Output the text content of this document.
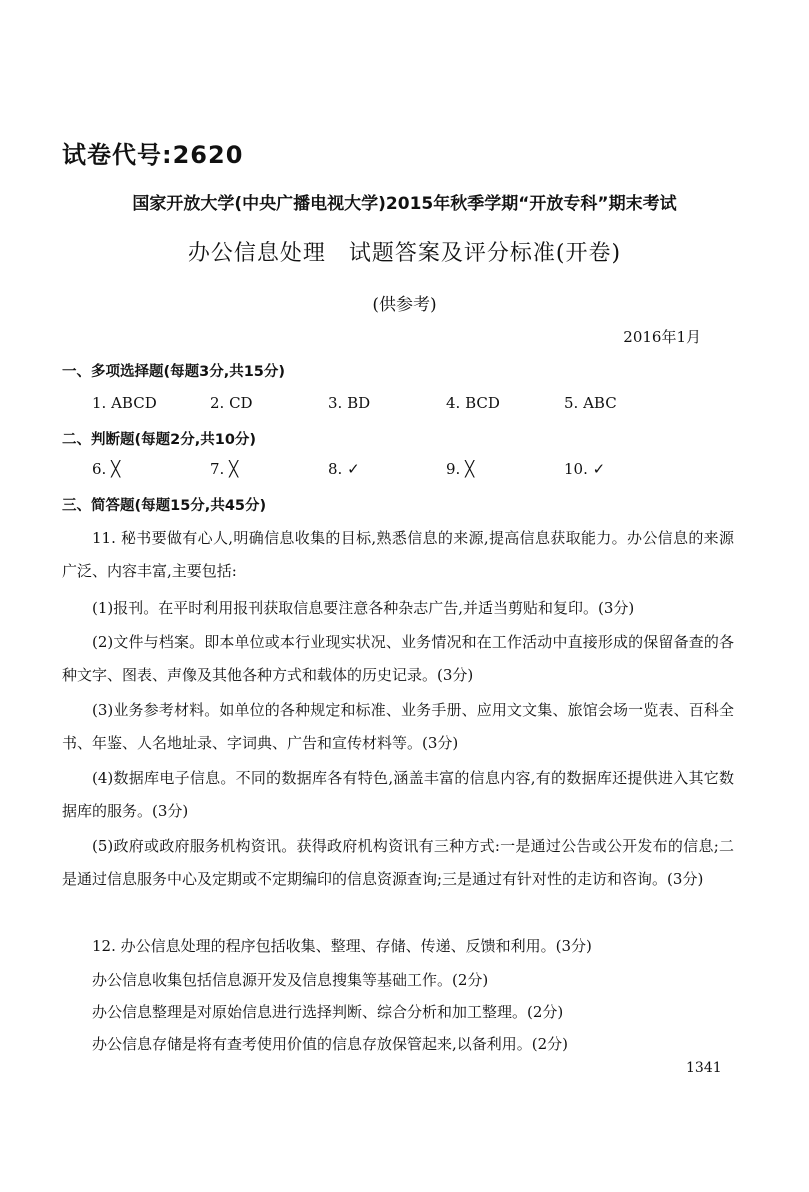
试卷代号:2620
国家开放大学(中央广播电视大学)2015年秋季学期“开放专科”期末考试
办公信息处理　试题答案及评分标准(开卷)
(供参考)
2016年1月
一、多项选择题(每题3分,共15分)
1. ABCD	2. CD	3. BD	4. BCD	5. ABC
二、判断题(每题2分,共10分)
6. ╳	7. ╳	8. ✓	9. ╳	10. ✓
三、简答题(每题15分,共45分)

11. 秘书要做有心人,明确信息收集的目标,熟悉信息的来源,提高信息获取能力。办公信息的来源广泛、内容丰富,主要包括:

(1)报刊。在平时利用报刊获取信息要注意各种杂志广告,并适当剪贴和复印。(3分)

(2)文件与档案。即本单位或本行业现实状况、业务情况和在工作活动中直接形成的保留备查的各种文字、图表、声像及其他各种方式和载体的历史记录。(3分)

(3)业务参考材料。如单位的各种规定和标准、业务手册、应用文文集、旅馆会场一览表、百科全书、年鉴、人名地址录、字词典、广告和宣传材料等。(3分)

(4)数据库电子信息。不同的数据库各有特色,涵盖丰富的信息内容,有的数据库还提供进入其它数据库的服务。(3分)

(5)政府或政府服务机构资讯。获得政府机构资讯有三种方式:一是通过公告或公开发布的信息;二是通过信息服务中心及定期或不定期编印的信息资源查询;三是通过有针对性的走访和咨询。(3分)

12. 办公信息处理的程序包括收集、整理、存储、传递、反馈和利用。(3分)

办公信息收集包括信息源开发及信息搜集等基础工作。(2分)

办公信息整理是对原始信息进行选择判断、综合分析和加工整理。(2分)

办公信息存储是将有查考使用价值的信息存放保管起来,以备利用。(2分)

1341
